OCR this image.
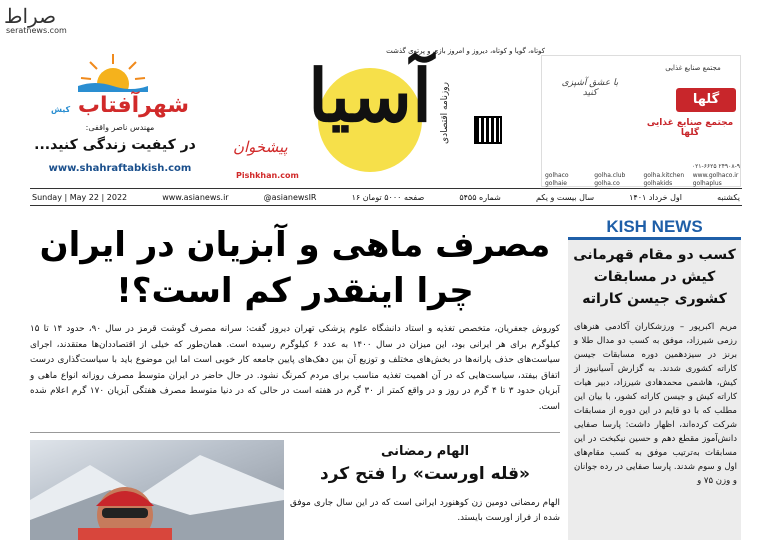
صراط
seratnews.com
شهرآفتاب کیش
مهندس ناصر واقفی:
در کیفیت زندگی کنید...
www.shahraftabkish.com
کوتاه، گویا و کوتاه، دیروز و امروز بازی و پرتوی گذشت
آسیا روزنامه اقتصادی
پیشخوان
Pishkhan.com
مجتمع صنایع غذایی
گلها
با عشق آشپزی کنید
مجتمع صنایع غذایی گلها
۰۲۱-۶۶۲۵ ۲۴۹۰۸-۹
golhaco	golha.club	golha.kitchen	www.golhaco.ir
golhaie	golha.co	golhakids	golhaplus
Sunday | May 22 | 2022	www.asianews.ir	@asianewsIR	۱۶ صفحه ۵۰۰۰ تومان	شماره ۵۴۵۵	سال بیست و یکم	اول خرداد ۱۴۰۱	یکشنبه
KISH NEWS
کسب دو مقام قهرمانی کیش در مسابقات کشوری جیسن کاراته
مریم اکبرپور – ورزشکاران آکادمی هنرهای رزمی شیرزاد، موفق به کسب دو مدال طلا و برنز در سیزدهمین دوره مسابقات جیسن کاراته کشوری شدند. به گزارش آسیانیوز از کیش، هاشمی محمدهادی شیرزاد، دبیر هیات کاراته کیش و جیسن کاراته کشور، با بیان این مطلب که با دو قایم در این دوره از مسابقات شرکت کرده‌اند، اظهار داشت: پارسا صفایی دانش‌آموز مقطع دهم و حسین نیکبخت در این مسابقات به‌ترتیب موفق به کسب مقام‌های اول و سوم شدند. پارسا صفایی در رده جوانان و وزن ۷۵ و
مصرف ماهی و آبزیان در ایران
چرا اینقدر کم است؟!
کوروش جعفریان، متخصص تغذیه و استاد دانشگاه علوم پزشکی تهران دیروز گفت: سرانه مصرف گوشت قرمز در سال ۹۰، حدود ۱۴ تا ۱۵ کیلوگرم برای هر ایرانی بود، این میزان در سال ۱۴۰۰ به عدد ۶ کیلوگرم رسیده است. همان‌طور که خیلی از اقتصاددان‌ها معتقدند، اجرای سیاست‌های حذف یارانه‌ها در بخش‌های مختلف و توزیع آن بین دهک‌های پایین جامعه کار خوبی است اما این موضوع باید با سیاست‌گذاری درست اتفاق بیفتد، سیاست‌هایی که در آن اهمیت تغذیه مناسب برای مردم کمرنگ نشود. در حال حاضر در ایران متوسط مصرف روزانه انواع ماهی و آبزیان حدود ۳ تا ۴ گرم در روز و در واقع کمتر از ۳۰ گرم در هفته است در حالی که در دنیا متوسط مصرف هفتگی آبزیان ۱۷۰ گرم اعلام شده است.
الهام رمضانی
«قله اورست» را فتح کرد
الهام رمضانی دومین زن کوهنورد ایرانی است که در این سال جاری موفق شده از فراز اورست بایستد.
